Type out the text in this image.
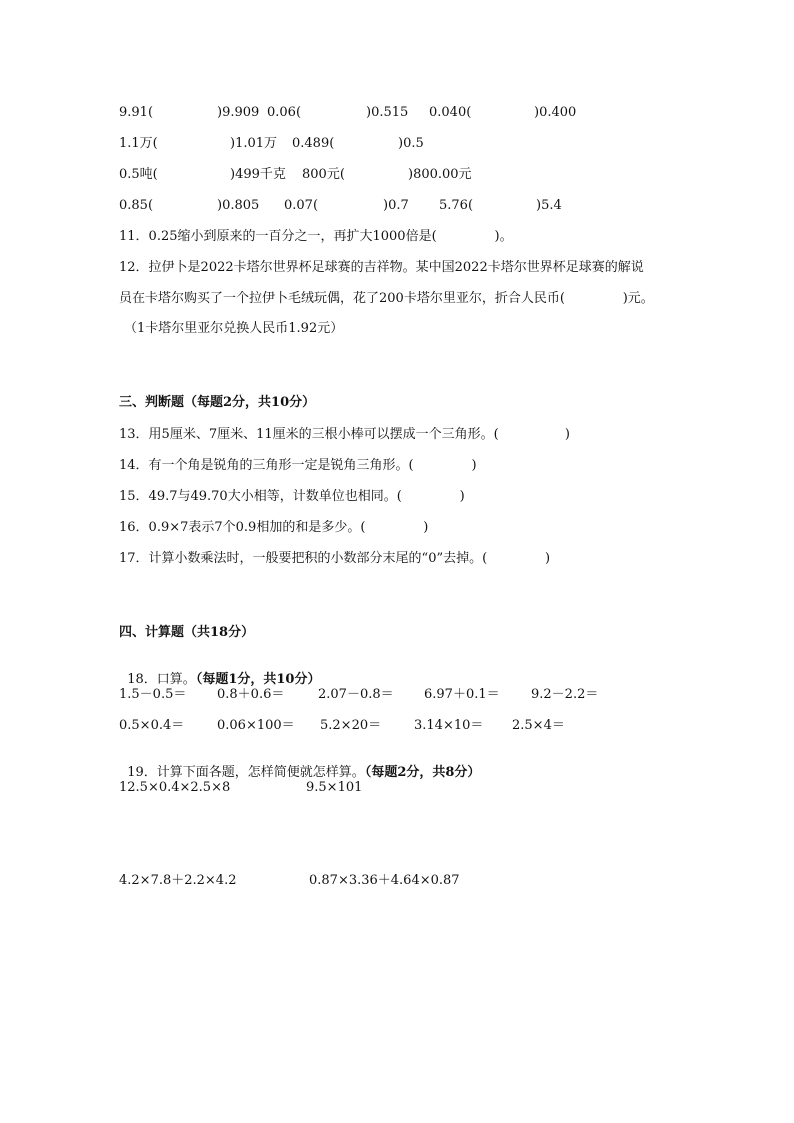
9.91(	)9.909 0.06(	)0.515 0.040(	)0.400
1.1万(	)1.01万 0.489(	)0.5
0.5吨(	)499千克 800元(	)800.00元
0.85(	)0.805 0.07(	)0.7 5.76(	)5.4
11．0.25缩小到原来的一百分之一，再扩大1000倍是(              )。
12．拉伊卜是2022卡塔尔世界杯足球赛的吉祥物。某中国2022卡塔尔世界杯足球赛的解说
员在卡塔尔购买了一个拉伊卜毛绒玩偶，花了200卡塔尔里亚尔，折合人民币(              )元。
（1卡塔尔里亚尔兑换人民币1.92元）
三、判断题（每题2分，共10分）
13．用5厘米、7厘米、11厘米的三根小棒可以摆成一个三角形。(                )
14．有一个角是锐角的三角形一定是锐角三角形。(              )
15．49.7与49.70大小相等，计数单位也相同。(              )
16．0.9×7表示7个0.9相加的和是多少。(              )
17．计算小数乘法时，一般要把积的小数部分末尾的“0”去掉。(              )
四、计算题（共18分）

18．口算。（每题1分，共10分）

1.5－0.5＝ 0.8＋0.6＝	2.07－0.8＝ 6.97＋0.1＝ 9.2－2.2＝
0.5×0.4＝	0.06×100＝ 5.2×20＝	3.14×10＝ 2.5×4＝

19．计算下面各题，怎样简便就怎样算。（每题2分，共8分）

12.5×0.4×2.5×8	9.5×101
4.2×7.8＋2.2×4.2	0.87×3.36＋4.64×0.87
